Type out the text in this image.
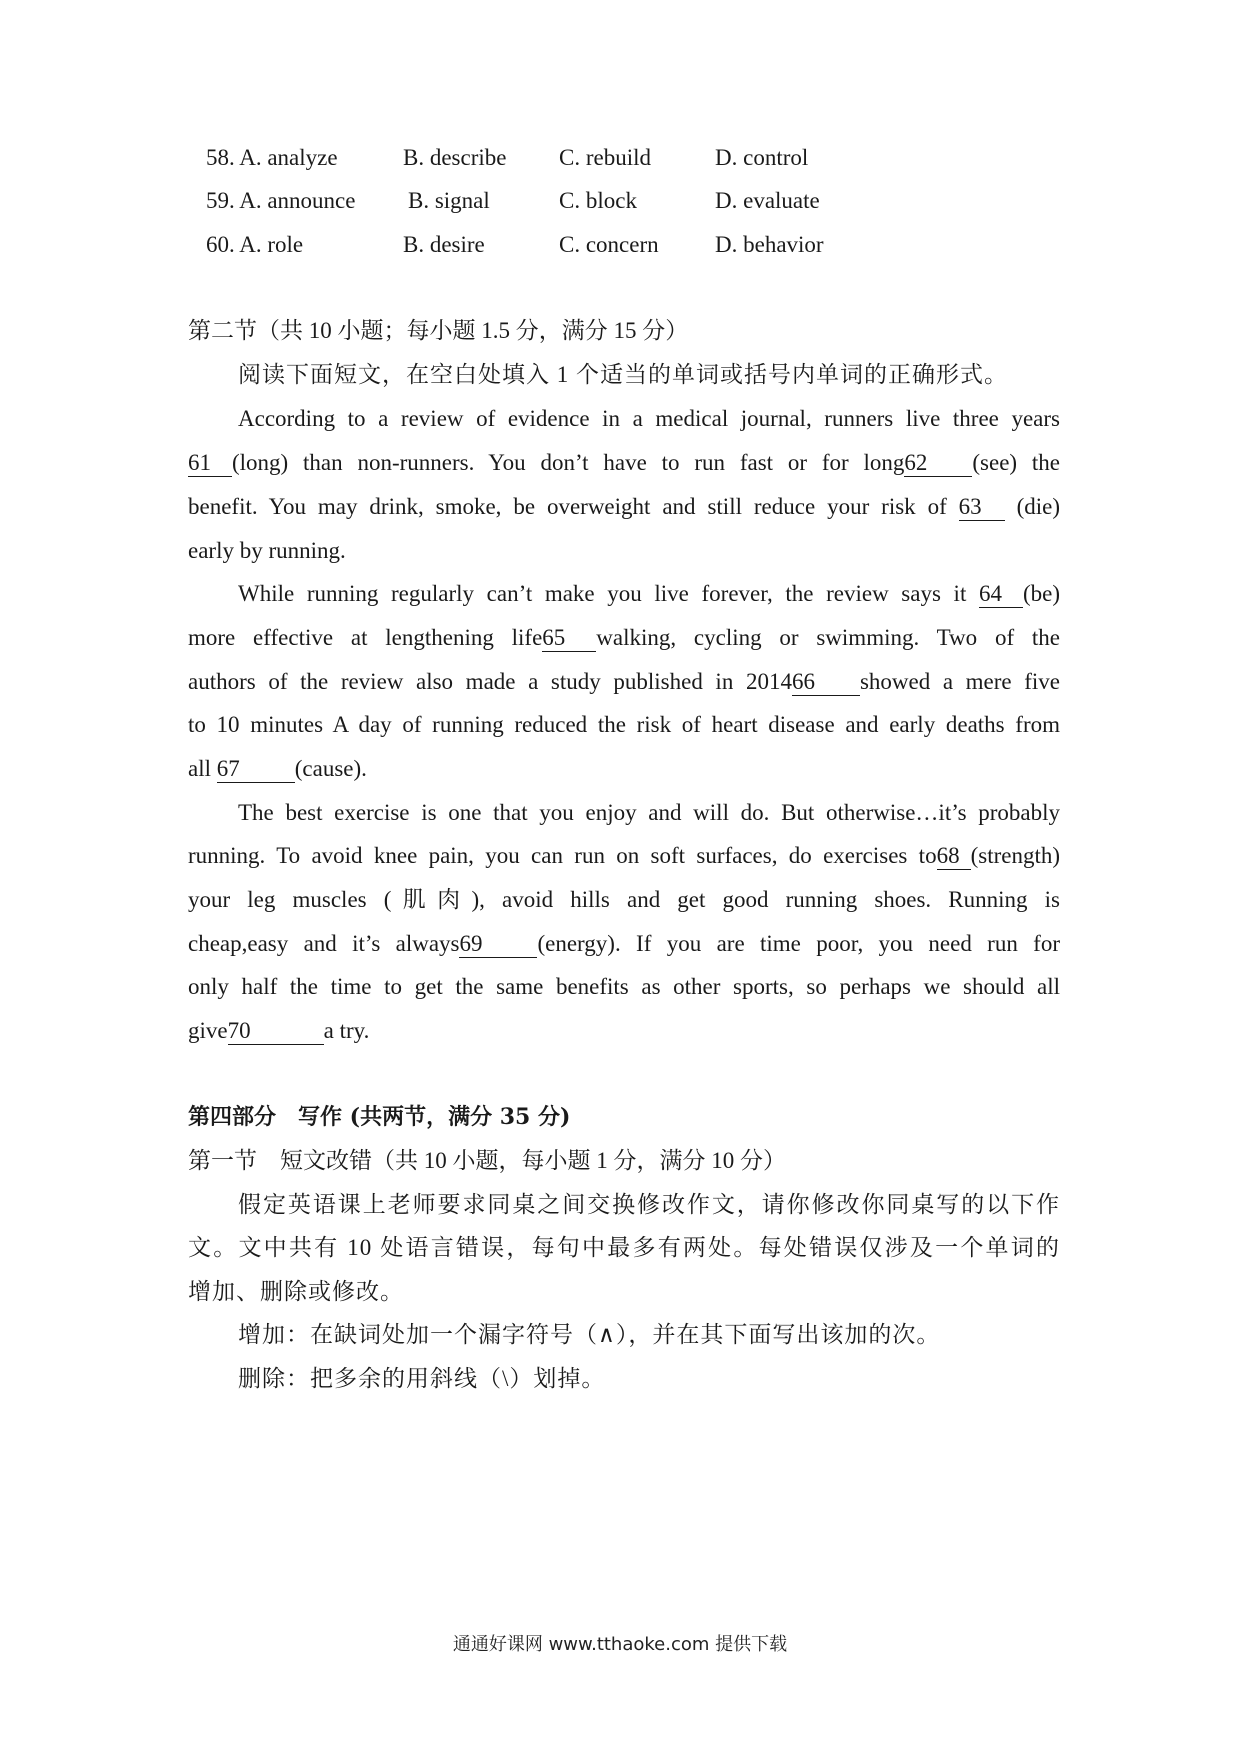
58. A. analyze	B. describe C. rebuild	D. control
59. A. announce B. signal	C. block	D. evaluate
60. A. role	B. desire	C. concern D. behavior
第二节（共 10 小题；每小题 1.5 分，满分 15 分）
阅读下面短文，在空白处填入 1 个适当的单词或括号内单词的正确形式。
According to a review of evidence in a medical journal, runners live three years
61 (long) than non-runners. You don’t have to run fast or for long62 (see) the
benefit. You may drink, smoke, be overweight and still reduce your risk of 63 (die)
early by running.
While running regularly can’t make you live forever, the review says it 64 (be)
more effective at lengthening life65 walking, cycling or swimming. Two of the
authors of the review also made a study published in 201466 showed a mere five
to 10 minutes A day of running reduced the risk of heart disease and early deaths from
all 67 (cause).
The best exercise is one that you enjoy and will do. But otherwise…it’s probably
running. To avoid knee pain, you can run on soft surfaces, do exercises to68 (strength)
your leg muscles (肌肉), avoid hills and get good running shoes. Running is
cheap,easy and it’s always69 (energy). If you are time poor, you need run for
only half the time to get the same benefits as other sports, so perhaps we should all
give70	a try.
第四部分　写作 (共两节，满分 35 分)
第一节　短文改错（共 10 小题，每小题 1 分，满分 10 分）
假定英语课上老师要求同桌之间交换修改作文，请你修改你同桌写的以下作
文。文中共有 10 处语言错误，每句中最多有两处。每处错误仅涉及一个单词的
增加、删除或修改。
增加：在缺词处加一个漏字符号（∧），并在其下面写出该加的次。
删除：把多余的用斜线（\）划掉。
通通好课网 www.tthaoke.com 提供下载
